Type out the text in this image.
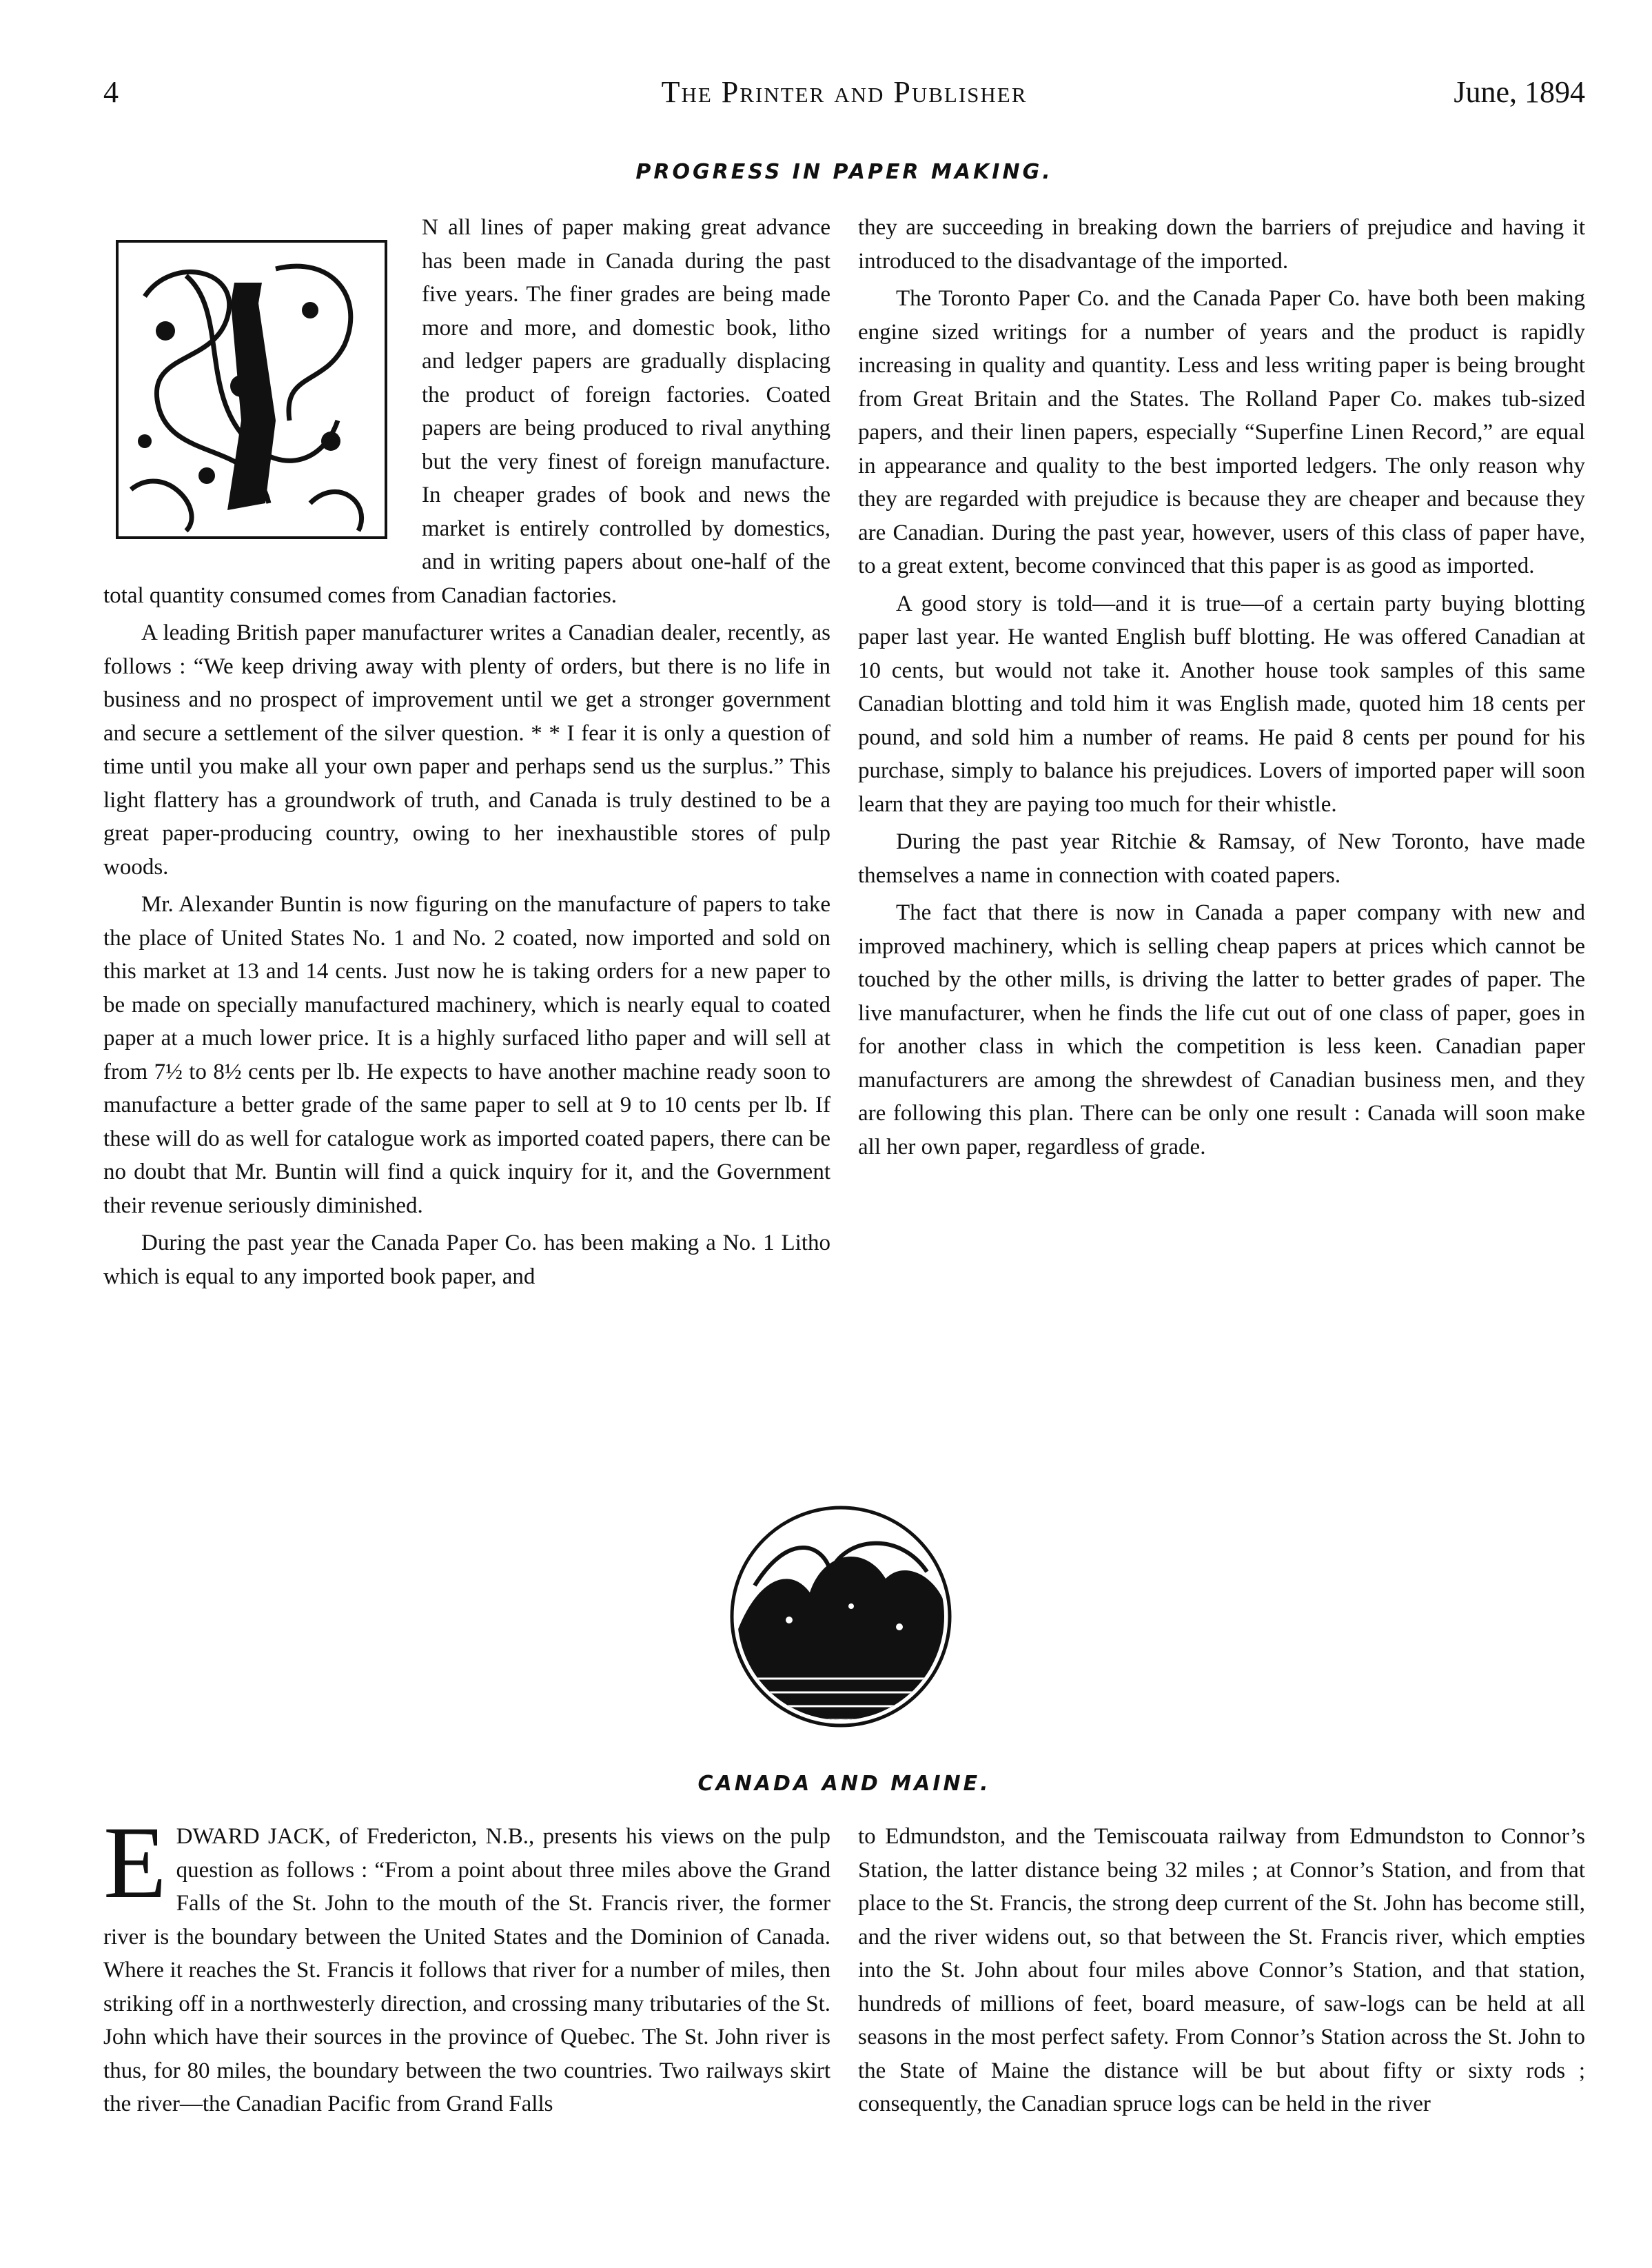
4	The Printer and Publisher	June, 1894
PROGRESS IN PAPER MAKING.

N all lines of paper making great advance has been made in Canada during the past five years. The finer grades are being made more and more, and domestic book, litho and ledger papers are gradually displacing the product of foreign factories. Coated papers are being produced to rival anything but the very finest of foreign manufacture. In cheaper grades of book and news the market is entirely controlled by domestics, and in writing papers about one-half of the total quantity consumed comes from Canadian factories.

A leading British paper manufacturer writes a Canadian dealer, recently, as follows : “We keep driving away with plenty of orders, but there is no life in business and no prospect of improvement until we get a stronger government and secure a settlement of the silver question. * * I fear it is only a question of time until you make all your own paper and perhaps send us the surplus.” This light flattery has a groundwork of truth, and Canada is truly destined to be a great paper-producing country, owing to her inexhaustible stores of pulp woods.

Mr. Alexander Buntin is now figuring on the manufacture of papers to take the place of United States No. 1 and No. 2 coated, now imported and sold on this market at 13 and 14 cents. Just now he is taking orders for a new paper to be made on specially manufactured machinery, which is nearly equal to coated paper at a much lower price. It is a highly surfaced litho paper and will sell at from 7½ to 8½ cents per lb. He expects to have another machine ready soon to manufacture a better grade of the same paper to sell at 9 to 10 cents per lb. If these will do as well for catalogue work as imported coated papers, there can be no doubt that Mr. Buntin will find a quick inquiry for it, and the Government their revenue seriously diminished.

During the past year the Canada Paper Co. has been making a No. 1 Litho which is equal to any imported book paper, and

they are succeeding in breaking down the barriers of prejudice and having it introduced to the disadvantage of the imported.

The Toronto Paper Co. and the Canada Paper Co. have both been making engine sized writings for a number of years and the product is rapidly increasing in quality and quantity. Less and less writing paper is being brought from Great Britain and the States. The Rolland Paper Co. makes tub-sized papers, and their linen papers, especially “Superfine Linen Record,” are equal in appearance and quality to the best imported ledgers. The only reason why they are regarded with prejudice is because they are cheaper and because they are Canadian. During the past year, however, users of this class of paper have, to a great extent, become convinced that this paper is as good as imported.

A good story is told—and it is true—of a certain party buying blotting paper last year. He wanted English buff blotting. He was offered Canadian at 10 cents, but would not take it. Another house took samples of this same Canadian blotting and told him it was English made, quoted him 18 cents per pound, and sold him a number of reams. He paid 8 cents per pound for his purchase, simply to balance his prejudices. Lovers of imported paper will soon learn that they are paying too much for their whistle.

During the past year Ritchie & Ramsay, of New Toronto, have made themselves a name in connection with coated papers.

The fact that there is now in Canada a paper company with new and improved machinery, which is selling cheap papers at prices which cannot be touched by the other mills, is driving the latter to better grades of paper. The live manufacturer, when he finds the life cut out of one class of paper, goes in for another class in which the competition is less keen. Canadian paper manufacturers are among the shrewdest of Canadian business men, and they are following this plan. There can be only one result : Canada will soon make all her own paper, regardless of grade.

CANADA AND MAINE.
E DWARD JACK, of Fredericton, N.B., presents his views on the pulp question as follows : “From a point about three miles above the Grand Falls of the St. John to the mouth of the St. Francis river, the former river is the boundary between the United States and the Dominion of Canada. Where it reaches the St. Francis it follows that river for a number of miles, then striking off in a northwesterly direction, and crossing many tributaries of the St. John which have their sources in the province of Quebec. The St. John river is thus, for 80 miles, the boundary between the two countries. Two railways skirt the river—the Canadian Pacific from Grand Falls

to Edmundston, and the Temiscouata railway from Edmundston to Connor’s Station, the latter distance being 32 miles ; at Connor’s Station, and from that place to the St. Francis, the strong deep current of the St. John has become still, and the river widens out, so that between the St. Francis river, which empties into the St. John about four miles above Connor’s Station, and that station, hundreds of millions of feet, board measure, of saw-logs can be held at all seasons in the most perfect safety. From Connor’s Station across the St. John to the State of Maine the distance will be but about fifty or sixty rods ; consequently, the Canadian spruce logs can be held in the river
